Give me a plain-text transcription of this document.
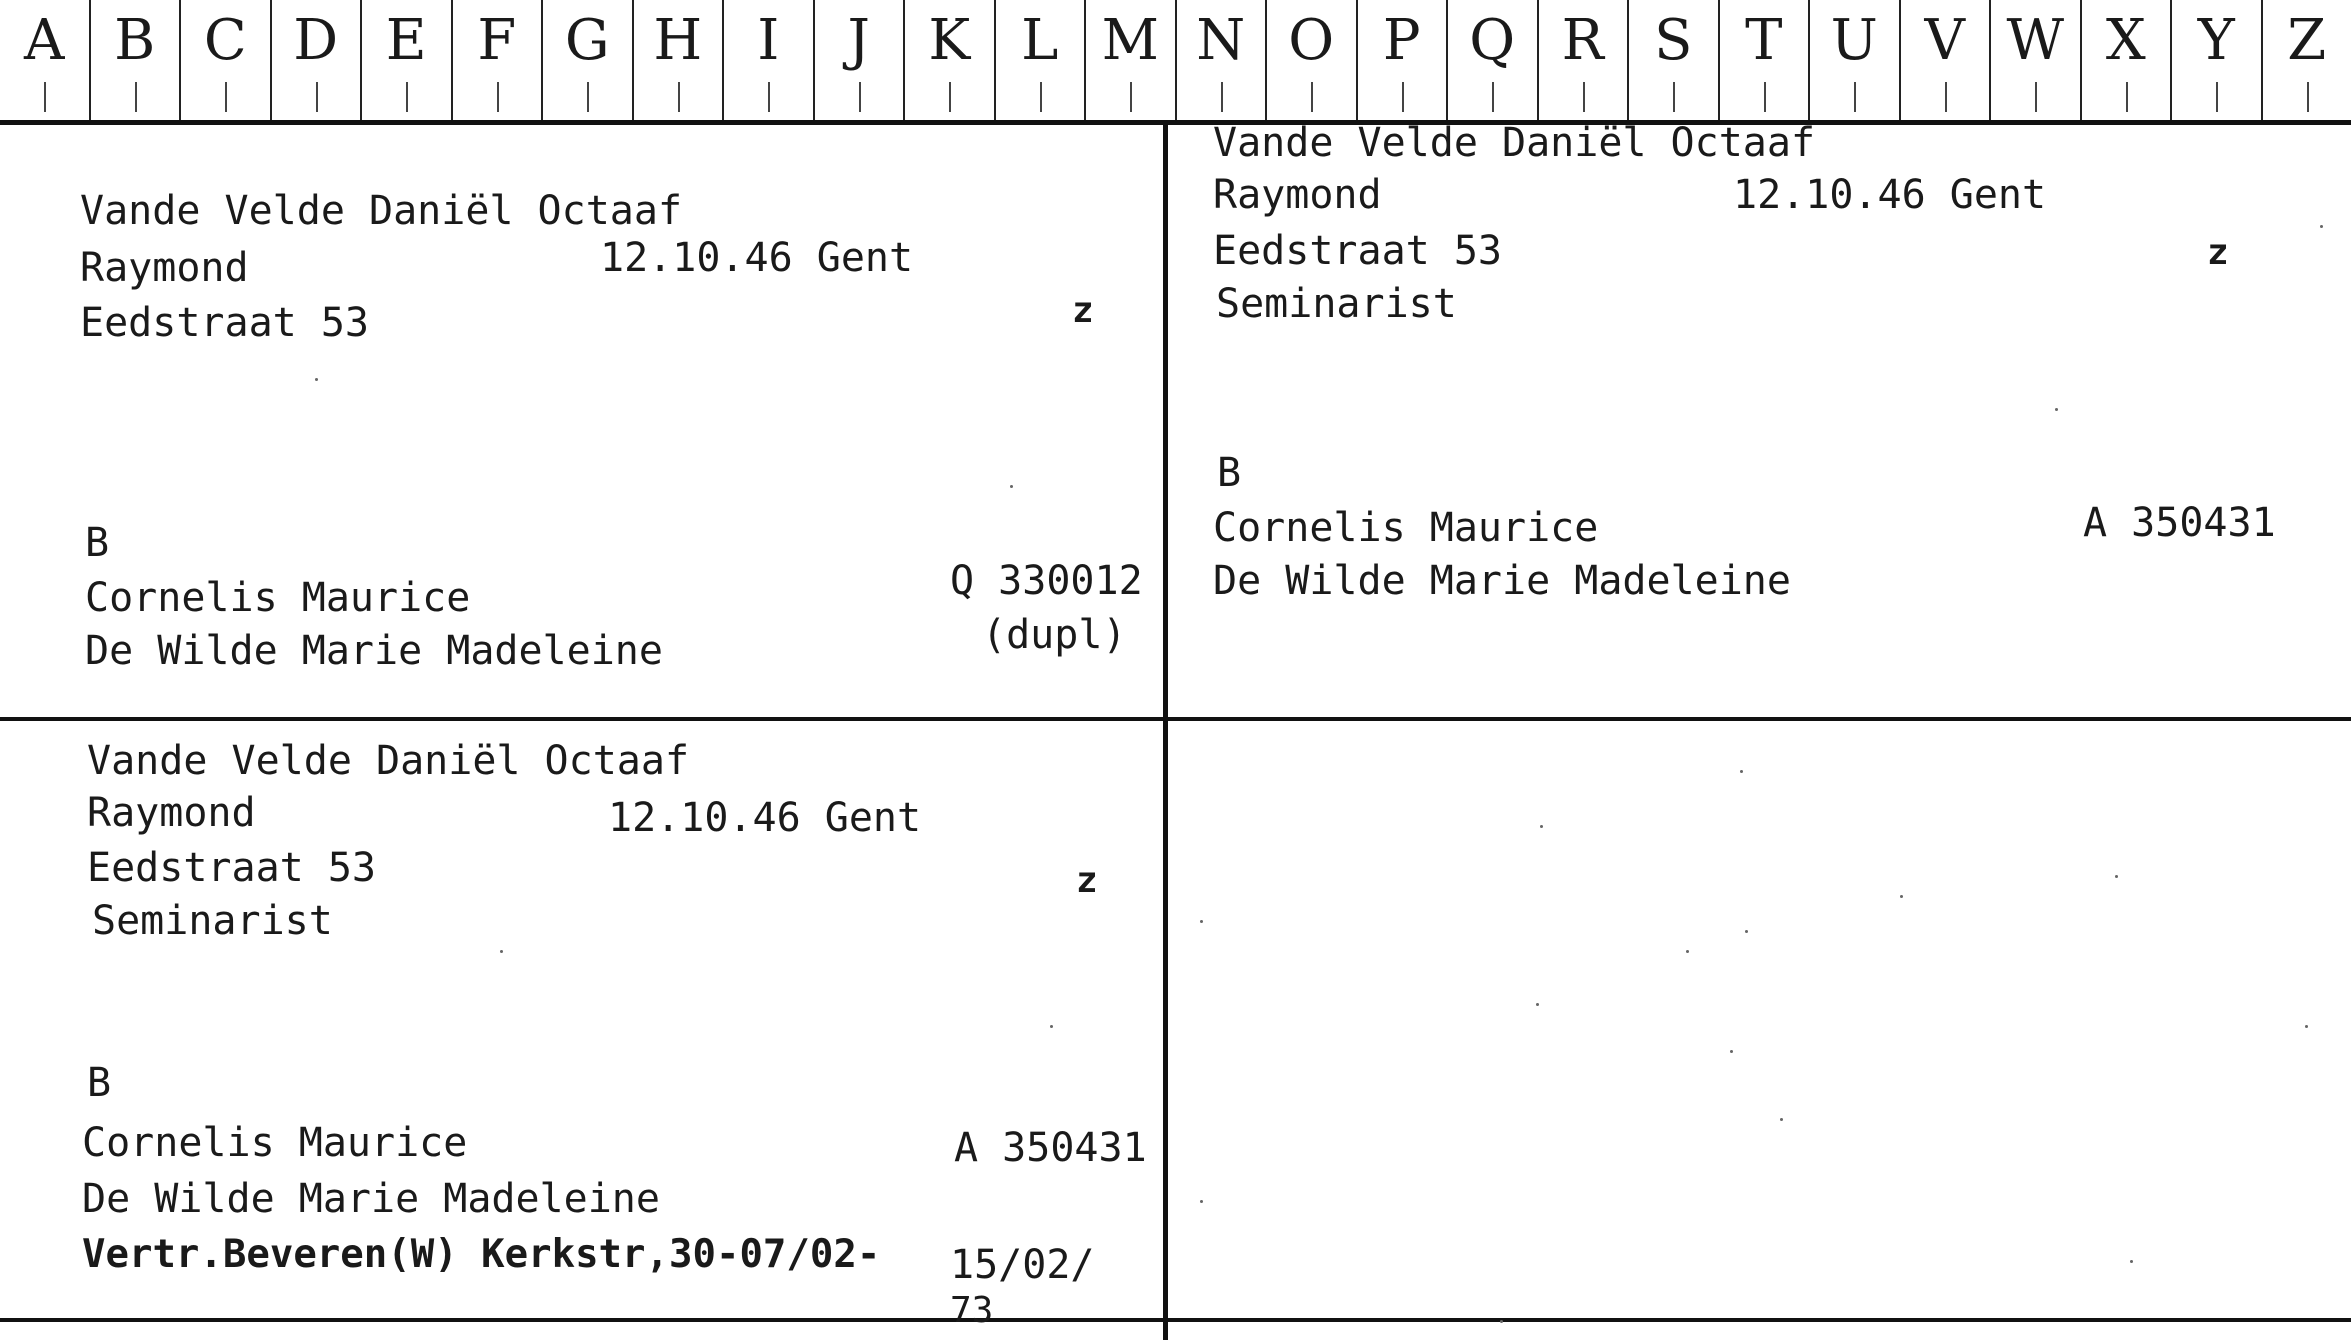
A B C D E F G H I	J	K L M N O P Q R S T U V W X Y Z
Vande Velde Daniël Octaaf
Raymond	12.10.46 Gent
Eedstraat 53	z
B
Cornelis Maurice
De Wilde Marie Madeleine
Q 330012
(dupl)
Vande Velde Daniël Octaaf
Raymond	12.10.46 Gent
Eedstraat 53
Seminarist
z
B
Cornelis Maurice
De Wilde Marie Madeleine
A 350431
Vande Velde Daniël Octaaf
Raymond	12.10.46 Gent
Eedstraat 53
Seminarist
z
B
Cornelis Maurice
De Wilde Marie Madeleine
A 350431
Vertr.Beveren(W) Kerkstr,30-07/02- 15/02/
73
